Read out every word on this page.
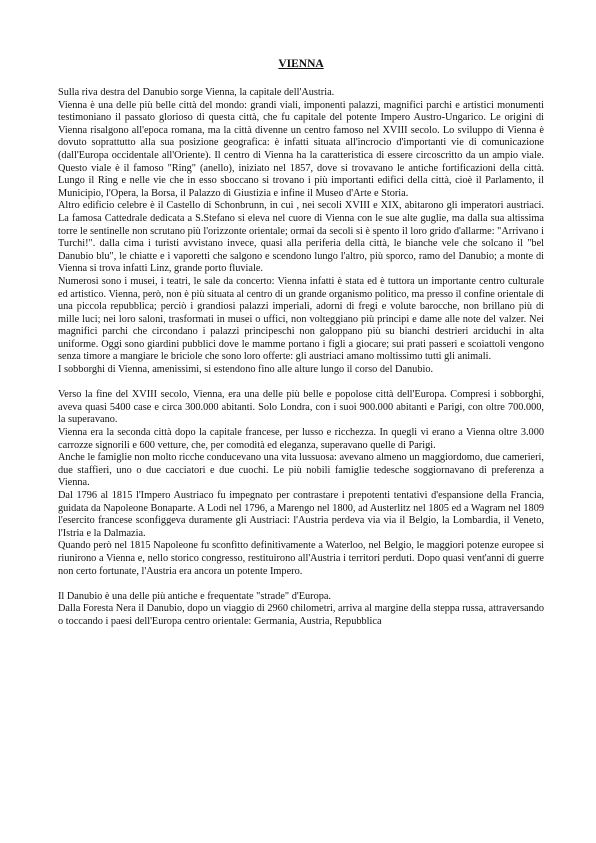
VIENNA

Sulla riva destra del Danubio sorge Vienna, la capitale dell'Austria.

Vienna è una delle più belle città del mondo: grandi viali, imponenti palazzi, magnifici parchi e artistici monumenti testimoniano il passato glorioso di questa città, che fu capitale del potente Impero Austro-Ungarico. Le origini di Vienna risalgono all'epoca romana, ma la città divenne un centro famoso nel XVIII secolo. Lo sviluppo di Vienna è dovuto soprattutto alla sua posizione geografica: è infatti situata all'incrocio d'importanti vie di comunicazione (dall'Europa occidentale all'Oriente). Il centro di Vienna ha la caratteristica di essere circoscritto da un ampio viale. Questo viale è il famoso "Ring" (anello), iniziato nel 1857, dove si trovavano le antiche fortificazioni della città. Lungo il Ring e nelle vie che in esso sboccano si trovano i più importanti edifici della città, cioè il Parlamento, il Municipio, l'Opera, la Borsa, il Palazzo di Giustizia e infine il Museo d'Arte e Storia.

Altro edificio celebre è il Castello di Schonbrunn, in cui , nei secoli XVIII e XIX, abitarono gli imperatori austriaci. La famosa Cattedrale dedicata a S.Stefano si eleva nel cuore di Vienna con le sue alte guglie, ma dalla sua altissima torre le sentinelle non scrutano più l'orizzonte orientale; ormai da secoli si è spento il loro grido d'allarme: "Arrivano i Turchi!". dalla cima i turisti avvistano invece, quasi alla periferia della città, le bianche vele che solcano il "bel Danubio blu", le chiatte e i vaporetti che salgono e scendono lungo l'altro, più sporco, ramo del Danubio; a monte di Vienna si trova infatti Linz, grande porto fluviale.

Numerosi sono i musei, i teatri, le sale da concerto: Vienna infatti è stata ed è tuttora un importante centro culturale ed artistico. Vienna, però, non è più situata al centro di un grande organismo politico, ma presso il confine orientale di una piccola repubblica; perciò i grandiosi palazzi imperiali, adorni di fregi e volute barocche, non brillano più di mille luci; nei loro saloni, trasformati in musei o uffici, non volteggiano più principi e dame alle note del valzer. Nei magnifici parchi che circondano i palazzi principeschi non galoppano più su bianchi destrieri arciduchi in alta uniforme. Oggi sono giardini pubblici dove le mamme portano i figli a giocare; sui prati passeri e scoiattoli vengono senza timore a mangiare le briciole che sono loro offerte: gli austriaci amano moltissimo tutti gli animali.

I sobborghi di Vienna, amenissimi, si estendono fino alle alture lungo il corso del Danubio.

Verso la fine del XVIII secolo, Vienna, era una delle più belle e popolose città dell'Europa. Compresi i sobborghi, aveva quasi 5400 case e circa 300.000 abitanti. Solo Londra, con i suoi 900.000 abitanti e Parigi, con oltre 700.000, la superavano.

Vienna era la seconda città dopo la capitale francese, per lusso e ricchezza. In quegli vi erano a Vienna oltre 3.000 carrozze signorili e 600 vetture, che, per comodità ed eleganza, superavano quelle di Parigi.

Anche le famiglie non molto ricche conducevano una vita lussuosa: avevano almeno un maggiordomo, due camerieri, due staffieri, uno o due cacciatori e due cuochi. Le più nobili famiglie tedesche soggiornavano di preferenza a Vienna.

Dal 1796 al 1815 l'Impero Austriaco fu impegnato per contrastare i prepotenti tentativi d'espansione della Francia, guidata da Napoleone Bonaparte. A Lodi nel 1796, a Marengo nel 1800, ad Austerlitz nel 1805 ed a Wagram nel 1809 l'esercito francese sconfiggeva duramente gli Austriaci: l'Austria perdeva via via il Belgio, la Lombardia, il Veneto, l'Istria e la Dalmazia.

Quando però nel 1815 Napoleone fu sconfitto definitivamente a Waterloo, nel Belgio, le maggiori potenze europee si riunirono a Vienna e, nello storico congresso, restituirono all'Austria i territori perduti. Dopo quasi vent'anni di guerre non certo fortunate, l'Austria era ancora un potente Impero.

Il Danubio è una delle più antiche e frequentate "strade" d'Europa.

Dalla Foresta Nera il Danubio, dopo un viaggio di 2960 chilometri, arriva al margine della steppa russa, attraversando o toccando i paesi dell'Europa centro orientale: Germania, Austria, Repubblica
